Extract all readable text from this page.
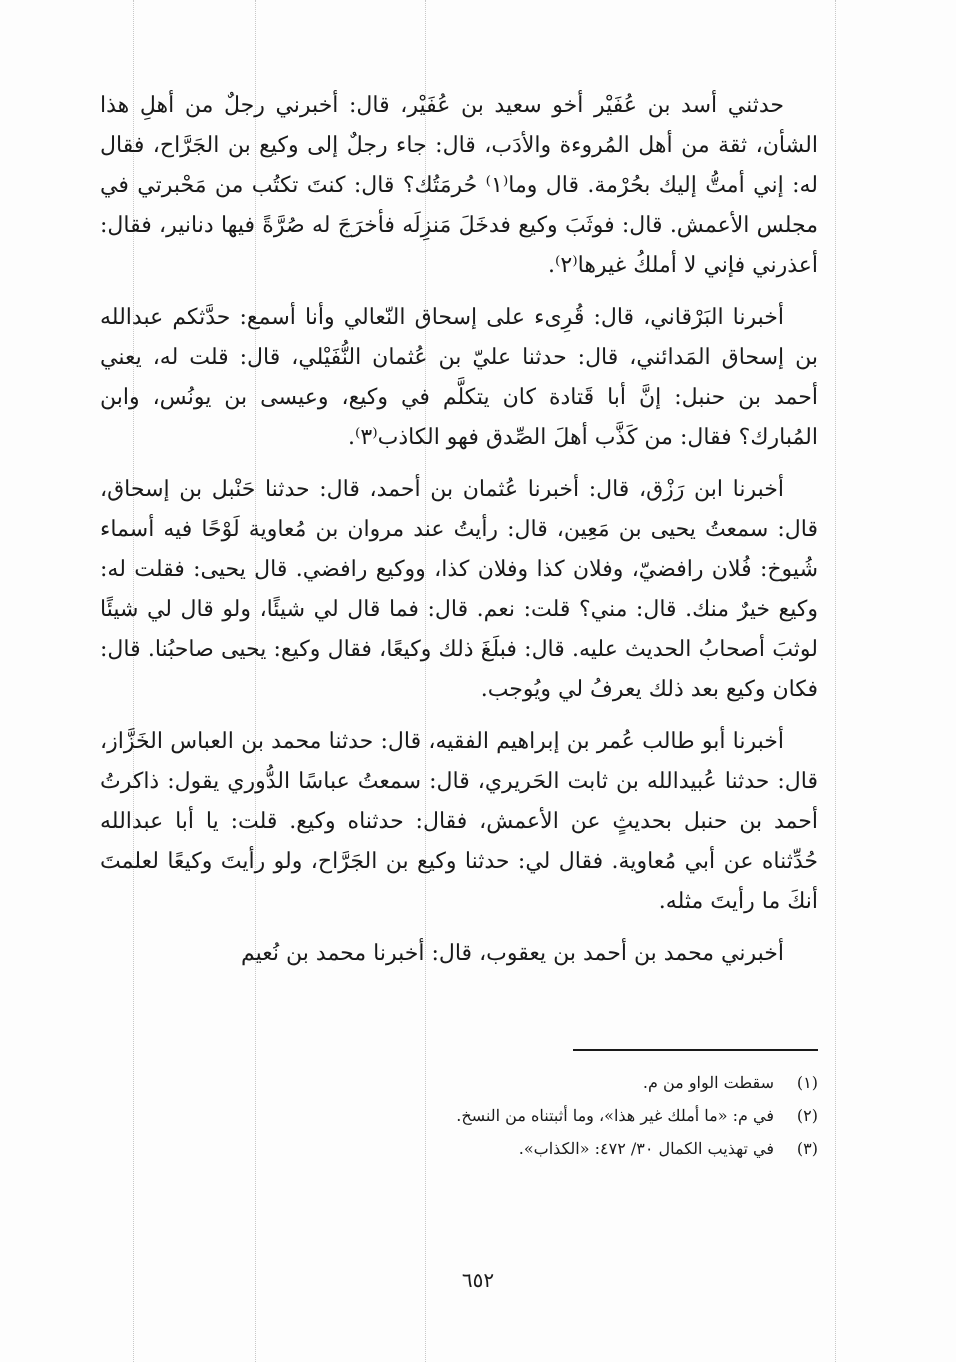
حدثني أسد بن عُفَيْر أخو سعيد بن عُفَيْر، قال: أخبرني رجلٌ من أهلِ هذا الشأن، ثقة من أهل المُروءة والأدَب، قال: جاء رجلٌ إلى وكيع بن الجَرَّاح، فقال له: إني أمتُّ إليك بحُرْمة. قال وما⁽١⁾ حُرمَتُك؟ قال: كنتَ تكتُب من مَحْبرتي في مجلس الأعمش. قال: فوثَبَ وكيع فدخَلَ مَنزِلَه فأخرَجَ له صُرَّةً فيها دنانير، فقال: أعذرني فإني لا أملكُ غيرها⁽٢⁾.

أخبرنا البَرْقاني، قال: قُرِىء على إسحاق النّعالي وأنا أسمع: حدَّثكم عبدالله بن إسحاق المَدائني، قال: حدثنا عليّ بن عُثمان النُّفَيْلي، قال: قلت له، يعني أحمد بن حنبل: إنَّ أبا قَتادة كان يتكلَّم في وكيع، وعيسى بن يونُس، وابن المُبارك؟ فقال: من كَذَّب أهلَ الصِّدق فهو الكاذب⁽٣⁾.

أخبرنا ابن رَزْق، قال: أخبرنا عُثمان بن أحمد، قال: حدثنا حَنْبل بن إسحاق، قال: سمعتُ يحيى بن مَعِين، قال: رأيتُ عند مروان بن مُعاوية لَوْحًا فيه أسماء شُيوخ: فُلان رافضيّ، وفلان كذا وفلان كذا، ووكيع رافضي. قال يحيى: فقلت له: وكيع خيرٌ منك. قال: مني؟ قلت: نعم. قال: فما قال لي شيئًا، ولو قال لي شيئًا لوثبَ أصحابُ الحديث عليه. قال: فبلَغَ ذلك وكيعًا، فقال وكيع: يحيى صاحبُنا. قال: فكان وكيع بعد ذلك يعرفُ لي ويُوجب.

أخبرنا أبو طالب عُمر بن إبراهيم الفقيه، قال: حدثنا محمد بن العباس الخَزَّاز، قال: حدثنا عُبيدالله بن ثابت الحَريري، قال: سمعتُ عباسًا الدُّوري يقول: ذاكرتُ أحمد بن حنبل بحديثٍ عن الأعمش، فقال: حدثناه وكيع. قلت: يا أبا عبدالله حُدِّثناه عن أبي مُعاوية. فقال لي: حدثنا وكيع بن الجَرَّاح، ولو رأيتَ وكيعًا لعلمتَ أنكَ ما رأيتَ مثله.

أخبرني محمد بن أحمد بن يعقوب، قال: أخبرنا محمد بن نُعيم

(١)
سقطت الواو من م.
(٢)
في م: «ما أملك غير هذا»، وما أثبتناه من النسخ.
(٣)
في تهذيب الكمال ٣٠/ ٤٧٢: «الكذاب».
٦٥٢
